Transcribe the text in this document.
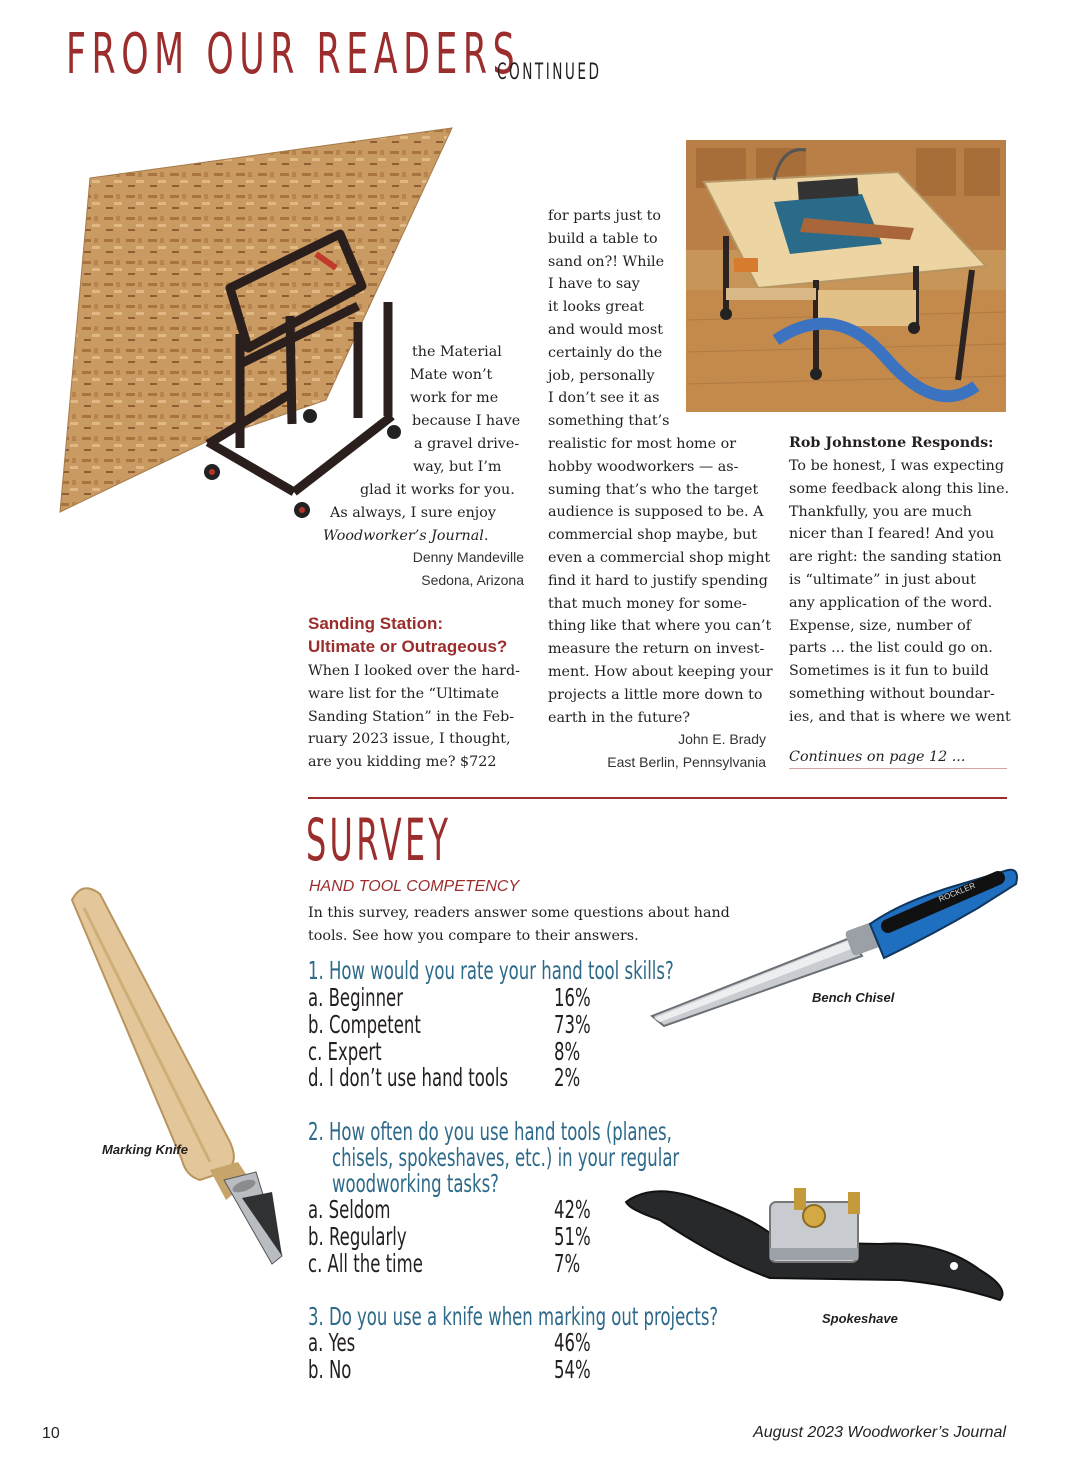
FROM OUR READERS
CONTINUED
the Material
Mate won’t
work for me
because I have
a gravel drive-
way, but I’m
glad it works for you.
As always, I sure enjoy
Woodworker’s Journal.
Denny Mandeville
Sedona, Arizona
Sanding Station:
Ultimate or Outrageous?
When I looked over the hard-
ware list for the “Ultimate
Sanding Station” in the Feb-
ruary 2023 issue, I thought,
are you kidding me? $722
for parts just to
build a table to
sand on?! While
I have to say
it looks great
and would most
certainly do the
job, personally
I don’t see it as
something that’s
realistic for most home or
hobby woodworkers — as-
suming that’s who the target
audience is supposed to be. A
commercial shop maybe, but
even a commercial shop might
find it hard to justify spending
that much money for some-
thing like that where you can’t
measure the return on invest-
ment. How about keeping your
projects a little more down to
earth in the future?
John E. Brady
East Berlin, Pennsylvania
Rob Johnstone Responds:
To be honest, I was expecting
some feedback along this line.
Thankfully, you are much
nicer than I feared! And you
are right: the sanding station
is “ultimate” in just about
any application of the word.
Expense, size, number of
parts ... the list could go on.
Sometimes is it fun to build
something without boundar-
ies, and that is where we went
Continues on page 12 ...
SURVEY
HAND TOOL COMPETENCY
In this survey, readers answer some questions about hand
tools. See how you compare to their answers.
1. How would you rate your hand tool skills?
a. Beginner	16%
b. Competent	73%
c. Expert	8%
d. I don’t use hand tools 2%
2. How often do you use hand tools (planes,
chisels, spokeshaves, etc.) in your regular
woodworking tasks?
a. Seldom	42%
b. Regularly	51%
c. All the time	7%
3. Do you use a knife when marking out projects?
a. Yes	46%
b. No	54%
Marking Knife
ROCKLER
Bench Chisel
Spokeshave
10	August 2023 Woodworker’s Journal
